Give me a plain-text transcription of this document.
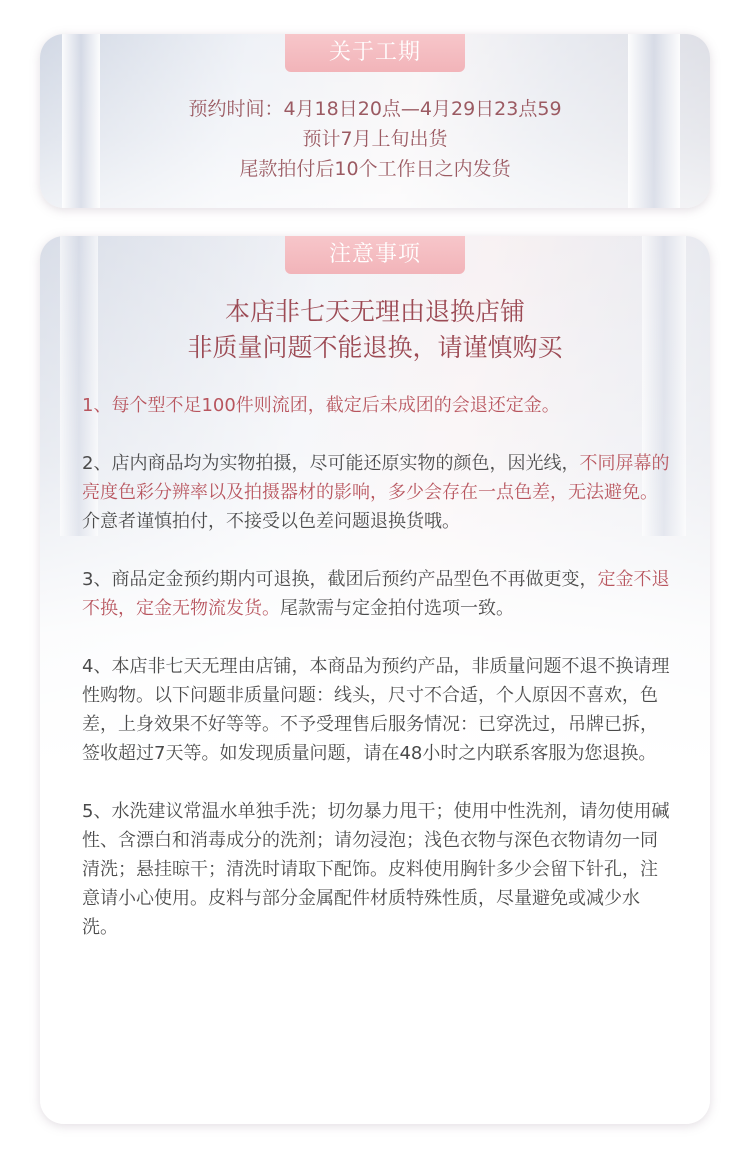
关于工期
预约时间：4月18日20点—4月29日23点59
预计7月上旬出货
尾款拍付后10个工作日之内发货
注意事项
本店非七天无理由退换店铺
非质量问题不能退换，请谨慎购买

1、每个型不足100件则流团，截定后未成团的会退还定金。

2、店内商品均为实物拍摄，尽可能还原实物的颜色，因光线，不同屏幕的亮度色彩分辨率以及拍摄器材的影响，多少会存在一点色差，无法避免。介意者谨慎拍付，不接受以色差问题退换货哦。

3、商品定金预约期内可退换，截团后预约产品型色不再做更变，定金不退不换，定金无物流发货。尾款需与定金拍付选项一致。

4、本店非七天无理由店铺，本商品为预约产品，非质量问题不退不换请理性购物。以下问题非质量问题：线头，尺寸不合适，个人原因不喜欢，色差，上身效果不好等等。不予受理售后服务情况：已穿洗过，吊牌已拆，签收超过7天等。如发现质量问题，请在48小时之内联系客服为您退换。

5、水洗建议常温水单独手洗；切勿暴力甩干；使用中性洗剂，请勿使用碱性、含漂白和消毒成分的洗剂；请勿浸泡；浅色衣物与深色衣物请勿一同清洗；悬挂晾干；清洗时请取下配饰。皮料使用胸针多少会留下针孔，注意请小心使用。皮料与部分金属配件材质特殊性质，尽量避免或减少水洗。
